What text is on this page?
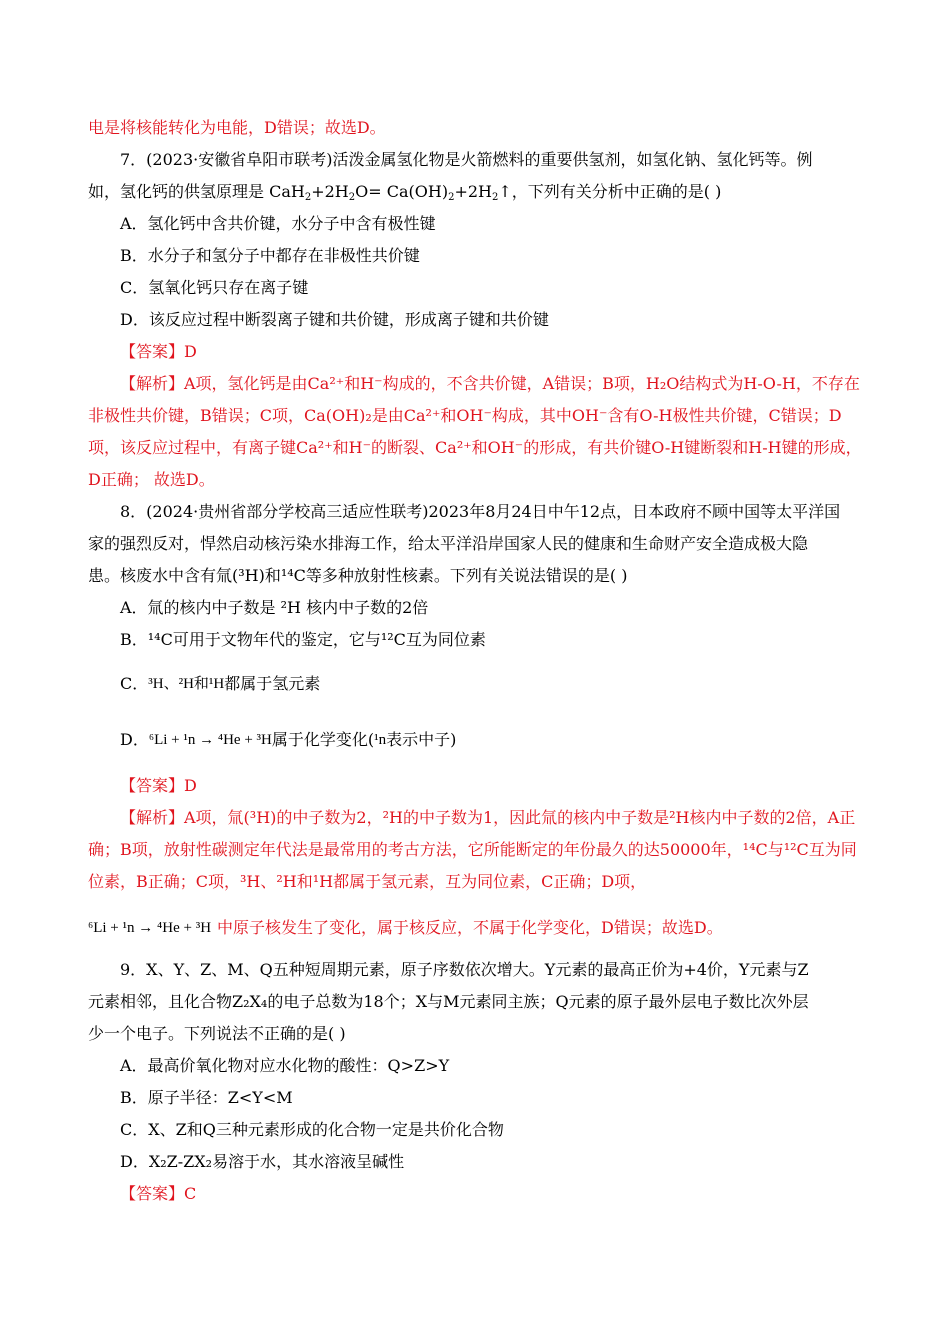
电是将核能转化为电能，D错误；故选D。
7．(2023·安徽省阜阳市联考)活泼金属氢化物是火箭燃料的重要供氢剂，如氢化钠、氢化钙等。例
如，氢化钙的供氢原理是 $CaH_2+2H_2O=$ $Ca(OH)_2+2H_2↑$，下列有关分析中正确的是( )
A．氢化钙中含共价键，水分子中含有极性键
B．水分子和氢分子中都存在非极性共价键
C．氢氧化钙只存在离子键
D．该反应过程中断裂离子键和共价键，形成离子键和共价键
【答案】D
【解析】A项，氢化钙是由Ca²⁺和H⁻构成的，不含共价键，A错误；B项，H₂O结构式为H-O-H，不存在非极性共价键，B错误；C项，Ca(OH)₂是由Ca²⁺和OH⁻构成，其中OH⁻含有O-H极性共价键，C错误；D项，该反应过程中，有离子键Ca²⁺和H⁻的断裂、Ca²⁺和OH⁻的形成，有共价键O-H键断裂和H-H键的形成，D正确； 故选D。
8．(2024·贵州省部分学校高三适应性联考)2023年8月24日中午12点，日本政府不顾中国等太平洋国
家的强烈反对，悍然启动核污染水排海工作，给太平洋沿岸国家人民的健康和生命财产安全造成极大隐
患。核废水中含有氚(³H)和¹⁴C等多种放射性核素。下列有关说法错误的是( )
A．氚的核内中子数是 ²H 核内中子数的2倍
B．¹⁴C可用于文物年代的鉴定，它与¹²C互为同位素
C． ³H、²H和¹H 都属于氢元素
D． ⁶Li + ¹n → ⁴He + ³H 属于化学变化( ¹n 表示中子)
【答案】D
【解析】A项，氚(³H)的中子数为2，²H的中子数为1，因此氚的核内中子数是²H核内中子数的2倍，A正确；B项，放射性碳测定年代法是最常用的考古方法，它所能断定的年份最久的达50000年，¹⁴C与¹²C互为同位素，B正确；C项，³H、²H和¹H都属于氢元素，互为同位素，C正确；D项，
⁶Li + ¹n → ⁴He + ³H 中原子核发生了变化，属于核反应，不属于化学变化，D错误；故选D。
9．X、Y、Z、M、Q五种短周期元素，原子序数依次增大。Y元素的最高正价为+4价，Y元素与Z
元素相邻，且化合物Z₂X₄的电子总数为18个；X与M元素同主族；Q元素的原子最外层电子数比次外层
少一个电子。下列说法不正确的是( )
A．最高价氧化物对应水化物的酸性：Q>Z>Y
B．原子半径：Z<Y<M
C．X、Z和Q三种元素形成的化合物一定是共价化合物
D．X₂Z-ZX₂易溶于水，其水溶液呈碱性
【答案】C
